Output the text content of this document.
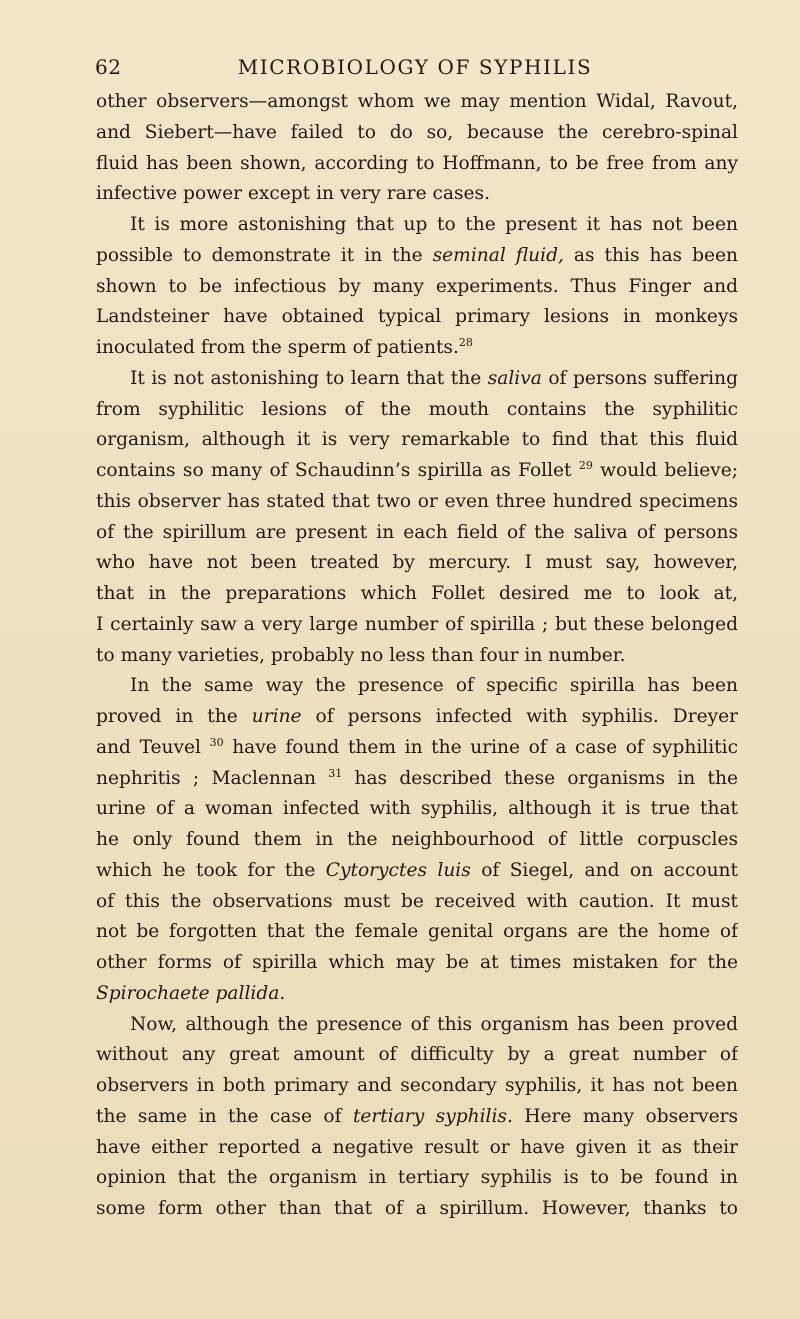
62	MICROBIOLOGY OF SYPHILIS
other observers—amongst whom we may mention Widal, Ravout,
and Siebert—have failed to do so, because the cerebro-spinal
fluid has been shown, according to Hoffmann, to be free from any
infective power except in very rare cases.
It is more astonishing that up to the present it has not been
possible to demonstrate it in the seminal fluid, as this has been
shown to be infectious by many experiments. Thus Finger and
Landsteiner have obtained typical primary lesions in monkeys
inoculated from the sperm of patients.$^{28}$
It is not astonishing to learn that the saliva of persons suffering
from syphilitic lesions of the mouth contains the syphilitic
organism, although it is very remarkable to find that this fluid
contains so many of Schaudinn’s spirilla as Follet $^{29}$ would believe;
this observer has stated that two or even three hundred specimens
of the spirillum are present in each field of the saliva of persons
who have not been treated by mercury. I must say, however,
that in the preparations which Follet desired me to look at,
I certainly saw a very large number of spirilla ; but these belonged
to many varieties, probably no less than four in number.
In the same way the presence of specific spirilla has been
proved in the urine of persons infected with syphilis. Dreyer
and Teuvel $^{30}$ have found them in the urine of a case of syphilitic
nephritis ; Maclennan $^{31}$ has described these organisms in the
urine of a woman infected with syphilis, although it is true that
he only found them in the neighbourhood of little corpuscles
which he took for the Cytoryctes luis of Siegel, and on account
of this the observations must be received with caution. It must
not be forgotten that the female genital organs are the home of
other forms of spirilla which may be at times mistaken for the
Spirochaete pallida.
Now, although the presence of this organism has been proved
without any great amount of difficulty by a great number of
observers in both primary and secondary syphilis, it has not been
the same in the case of tertiary syphilis. Here many observers
have either reported a negative result or have given it as their
opinion that the organism in tertiary syphilis is to be found in
some form other than that of a spirillum. However, thanks to
